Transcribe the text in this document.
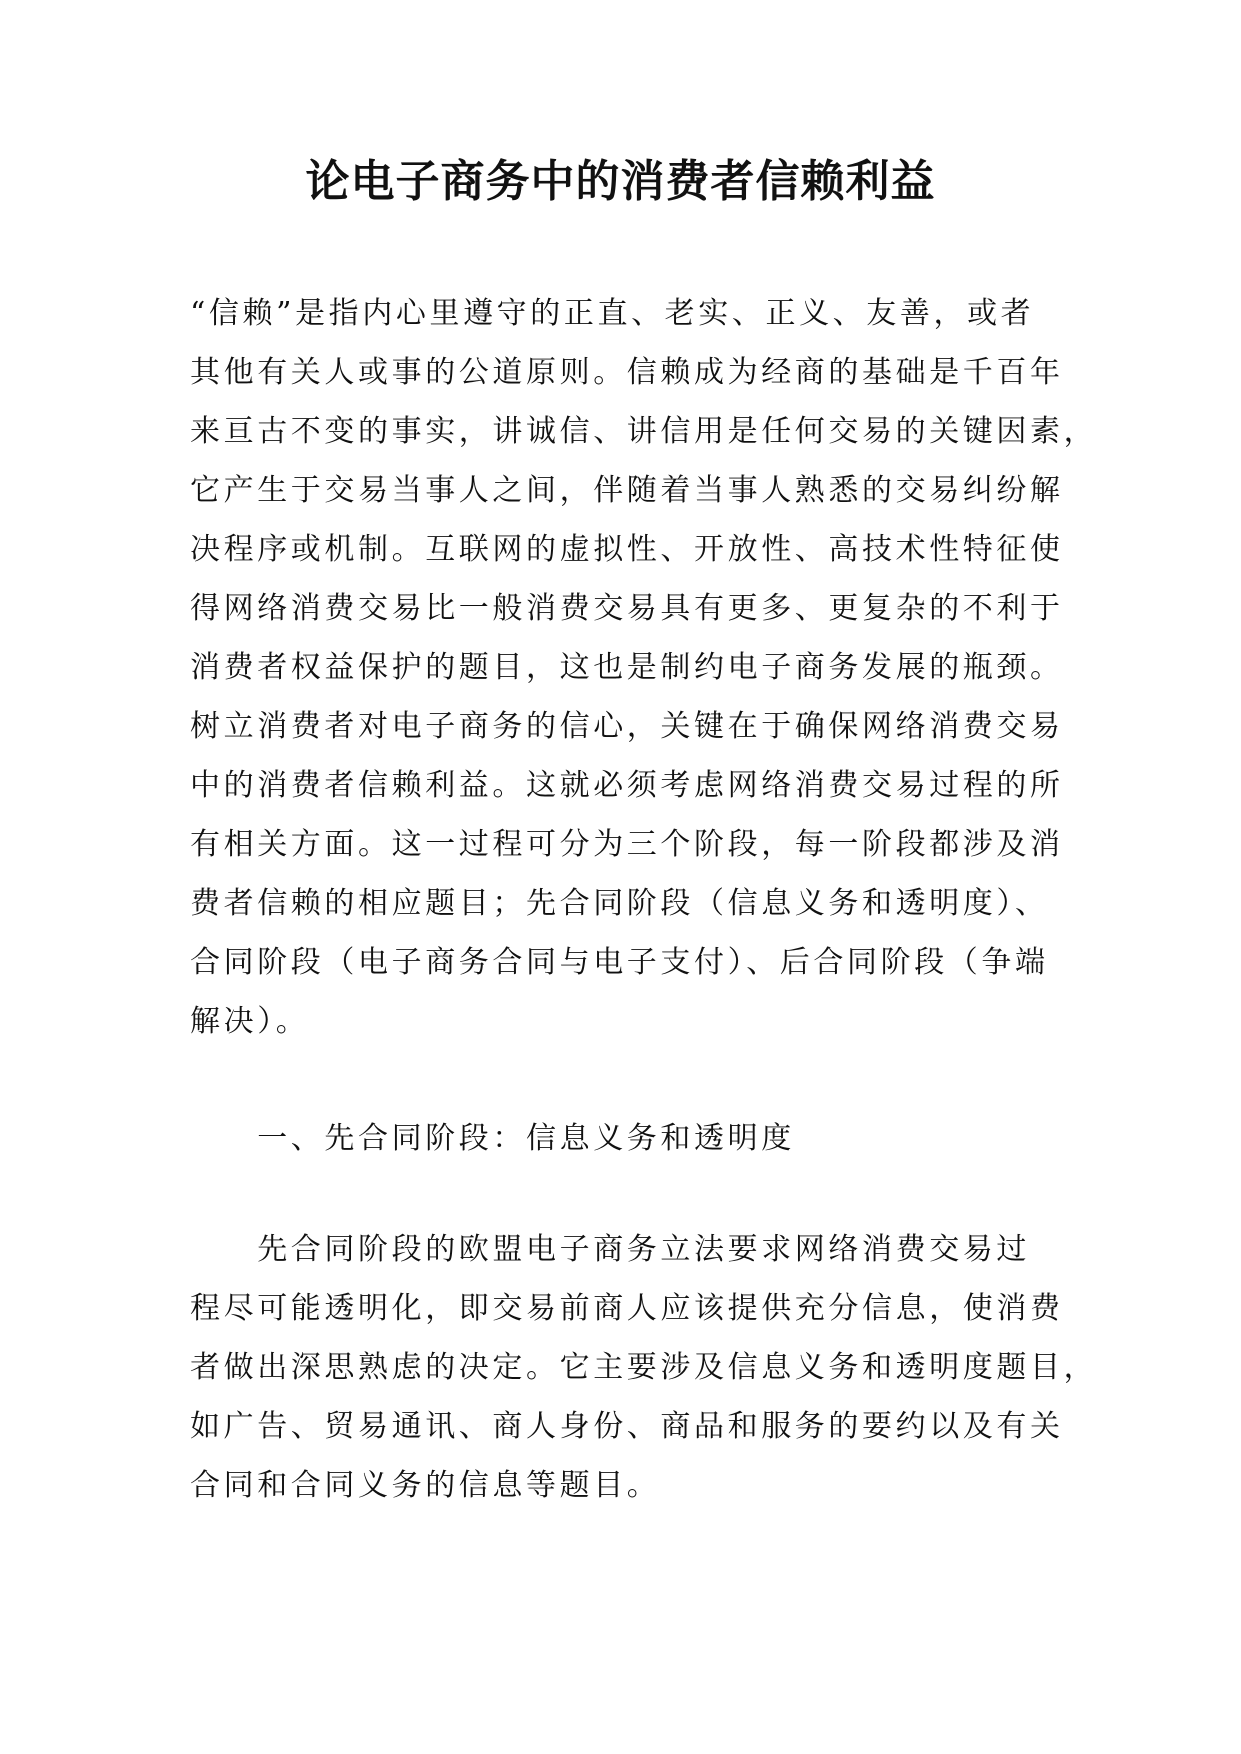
论电子商务中的消费者信赖利益
“信赖”是指内心里遵守的正直、老实、正义、友善，或者
其他有关人或事的公道原则。信赖成为经商的基础是千百年
来亘古不变的事实，讲诚信、讲信用是任何交易的关键因素，
它产生于交易当事人之间，伴随着当事人熟悉的交易纠纷解
决程序或机制。互联网的虚拟性、开放性、高技术性特征使
得网络消费交易比一般消费交易具有更多、更复杂的不利于
消费者权益保护的题目，这也是制约电子商务发展的瓶颈。
树立消费者对电子商务的信心，关键在于确保网络消费交易
中的消费者信赖利益。这就必须考虑网络消费交易过程的所
有相关方面。这一过程可分为三个阶段，每一阶段都涉及消
费者信赖的相应题目；先合同阶段（信息义务和透明度）、
合同阶段（电子商务合同与电子支付）、后合同阶段（争端
解决）。
　　一、先合同阶段：信息义务和透明度
　　先合同阶段的欧盟电子商务立法要求网络消费交易过
程尽可能透明化，即交易前商人应该提供充分信息，使消费
者做出深思熟虑的决定。它主要涉及信息义务和透明度题目，
如广告、贸易通讯、商人身份、商品和服务的要约以及有关
合同和合同义务的信息等题目。
